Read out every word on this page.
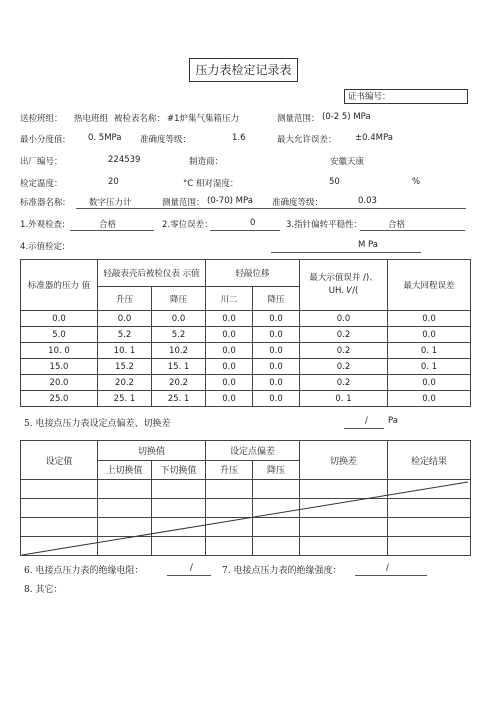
压力表检定记录表
证书编号：
送检班组： 热电班组 被检表名称： #1炉集气集箱压力	测量范围： (0-2 5) MPa
最小分度值:	0. 5MPa 准确度等级：	1.6	最大允许误差： ±0.4MPa
出厂编号：	224539	制造商：	安徽天康
检定温度：	20	°C 相对湿度：	50	%
标准器名称:	数字压力计	测量范围： (0-70) MPa 准确度等级：	0.03
1.外观检查:	合格	2.零位误差：	0	3.指针偏转平稳性：	合格
4.示值检定:	M Pa
标准器的压力 值	轻敲表壳后被检仪表 示值		轻敲位移		最大示值误并 /)、UH. 𝑉/(	最大回程误差
	升压	降压	川二	降压		
0.0	0.0	0.0	0.0	0.0	0.0	0.0
5.0	5.2	5.2	0.0	0.0	0.2	0.0
10. 0	10. 1	10.2	0.0	0.0	0.2	0. 1
15.0	15.2	15. 1	0.0	0.0	0.2	0. 1
20.0	20.2	20.2	0.0	0.0	0.2	0.0
25.0	25. 1	25. 1	0.0	0.0	0. 1	0.0
5. 电接点压力表设定点偏差、切换差	/ Pa
设定值	切换值		设定点偏差		切换差	检定结果
	上切换值	下切换值	升压	降压		

6. 电接点压力表的绝缘电阻：	/	7. 电接点压力表的绝缘强度：	/
8. 其它：
